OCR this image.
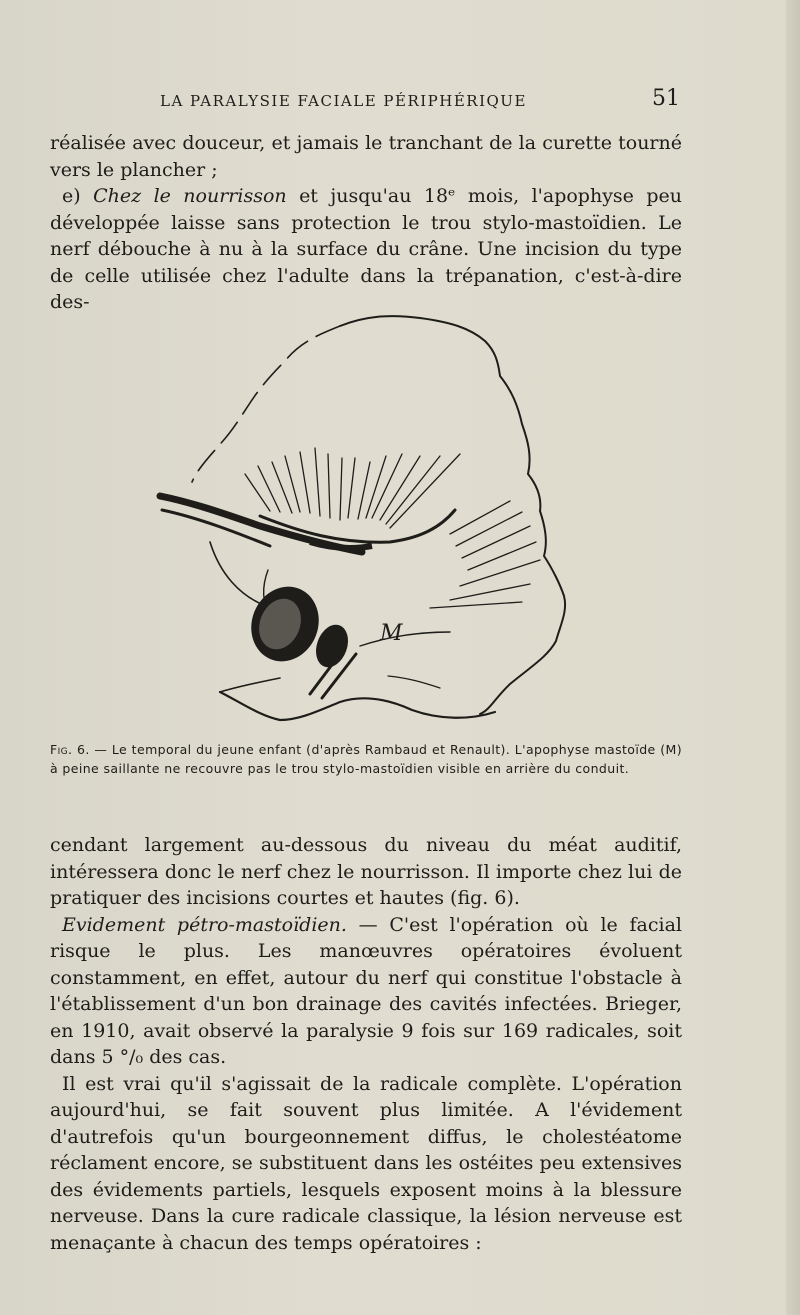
LA PARALYSIE FACIALE PÉRIPHÉRIQUE	51

réalisée avec douceur, et jamais le tranchant de la curette tourné vers le plancher ;

e) Chez le nourrisson et jusqu'au 18ᵉ mois, l'apophyse peu développée laisse sans protection le trou stylo-mastoïdien. Le nerf débouche à nu à la surface du crâne. Une incision du type de celle utilisée chez l'adulte dans la trépanation, c'est-à-dire des-

M

Fig. 6. — Le temporal du jeune enfant (d'après Rambaud et Renault). L'apophyse mastoïde (M) à peine saillante ne recouvre pas le trou stylo-mastoïdien visible en arrière du conduit.

cendant largement au-dessous du niveau du méat auditif, intéressera donc le nerf chez le nourrisson. Il importe chez lui de pratiquer des incisions courtes et hautes (fig. 6).

Evidement pétro-mastoïdien. — C'est l'opération où le facial risque le plus. Les manœuvres opératoires évoluent constamment, en effet, autour du nerf qui constitue l'obstacle à l'établissement d'un bon drainage des cavités infectées. Brieger, en 1910, avait observé la paralysie 9 fois sur 169 radicales, soit dans 5 °/₀ des cas.

Il est vrai qu'il s'agissait de la radicale complète. L'opération aujourd'hui, se fait souvent plus limitée. A l'évidement d'autrefois qu'un bourgeonnement diffus, le cholestéatome réclament encore, se substituent dans les ostéites peu extensives des évidements partiels, lesquels exposent moins à la blessure nerveuse. Dans la cure radicale classique, la lésion nerveuse est menaçante à chacun des temps opératoires :
